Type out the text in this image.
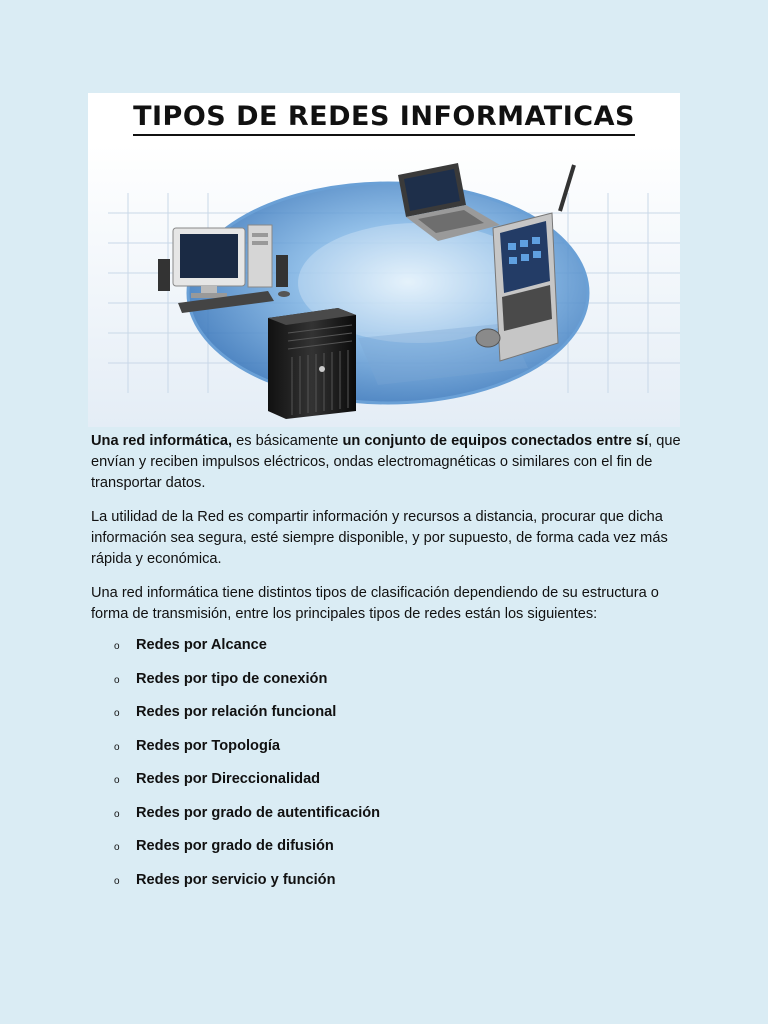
TIPOS DE REDES INFORMATICAS

Una red informática, es básicamente un conjunto de equipos conectados entre sí, que envían y reciben impulsos eléctricos, ondas electromagnéticas o similares con el fin de transportar datos.

La utilidad de la Red es compartir información y recursos a distancia, procurar que dicha información sea segura, esté siempre disponible, y por supuesto, de forma cada vez más rápida y económica.

Una red informática tiene distintos tipos de clasificación dependiendo de su estructura o forma de transmisión, entre los principales tipos de redes están los siguientes:

o Redes por Alcance
o Redes por tipo de conexión
o Redes por relación funcional
o Redes por Topología
o Redes por Direccionalidad
o Redes por grado de autentificación
o Redes por grado de difusión
o Redes por servicio y función
